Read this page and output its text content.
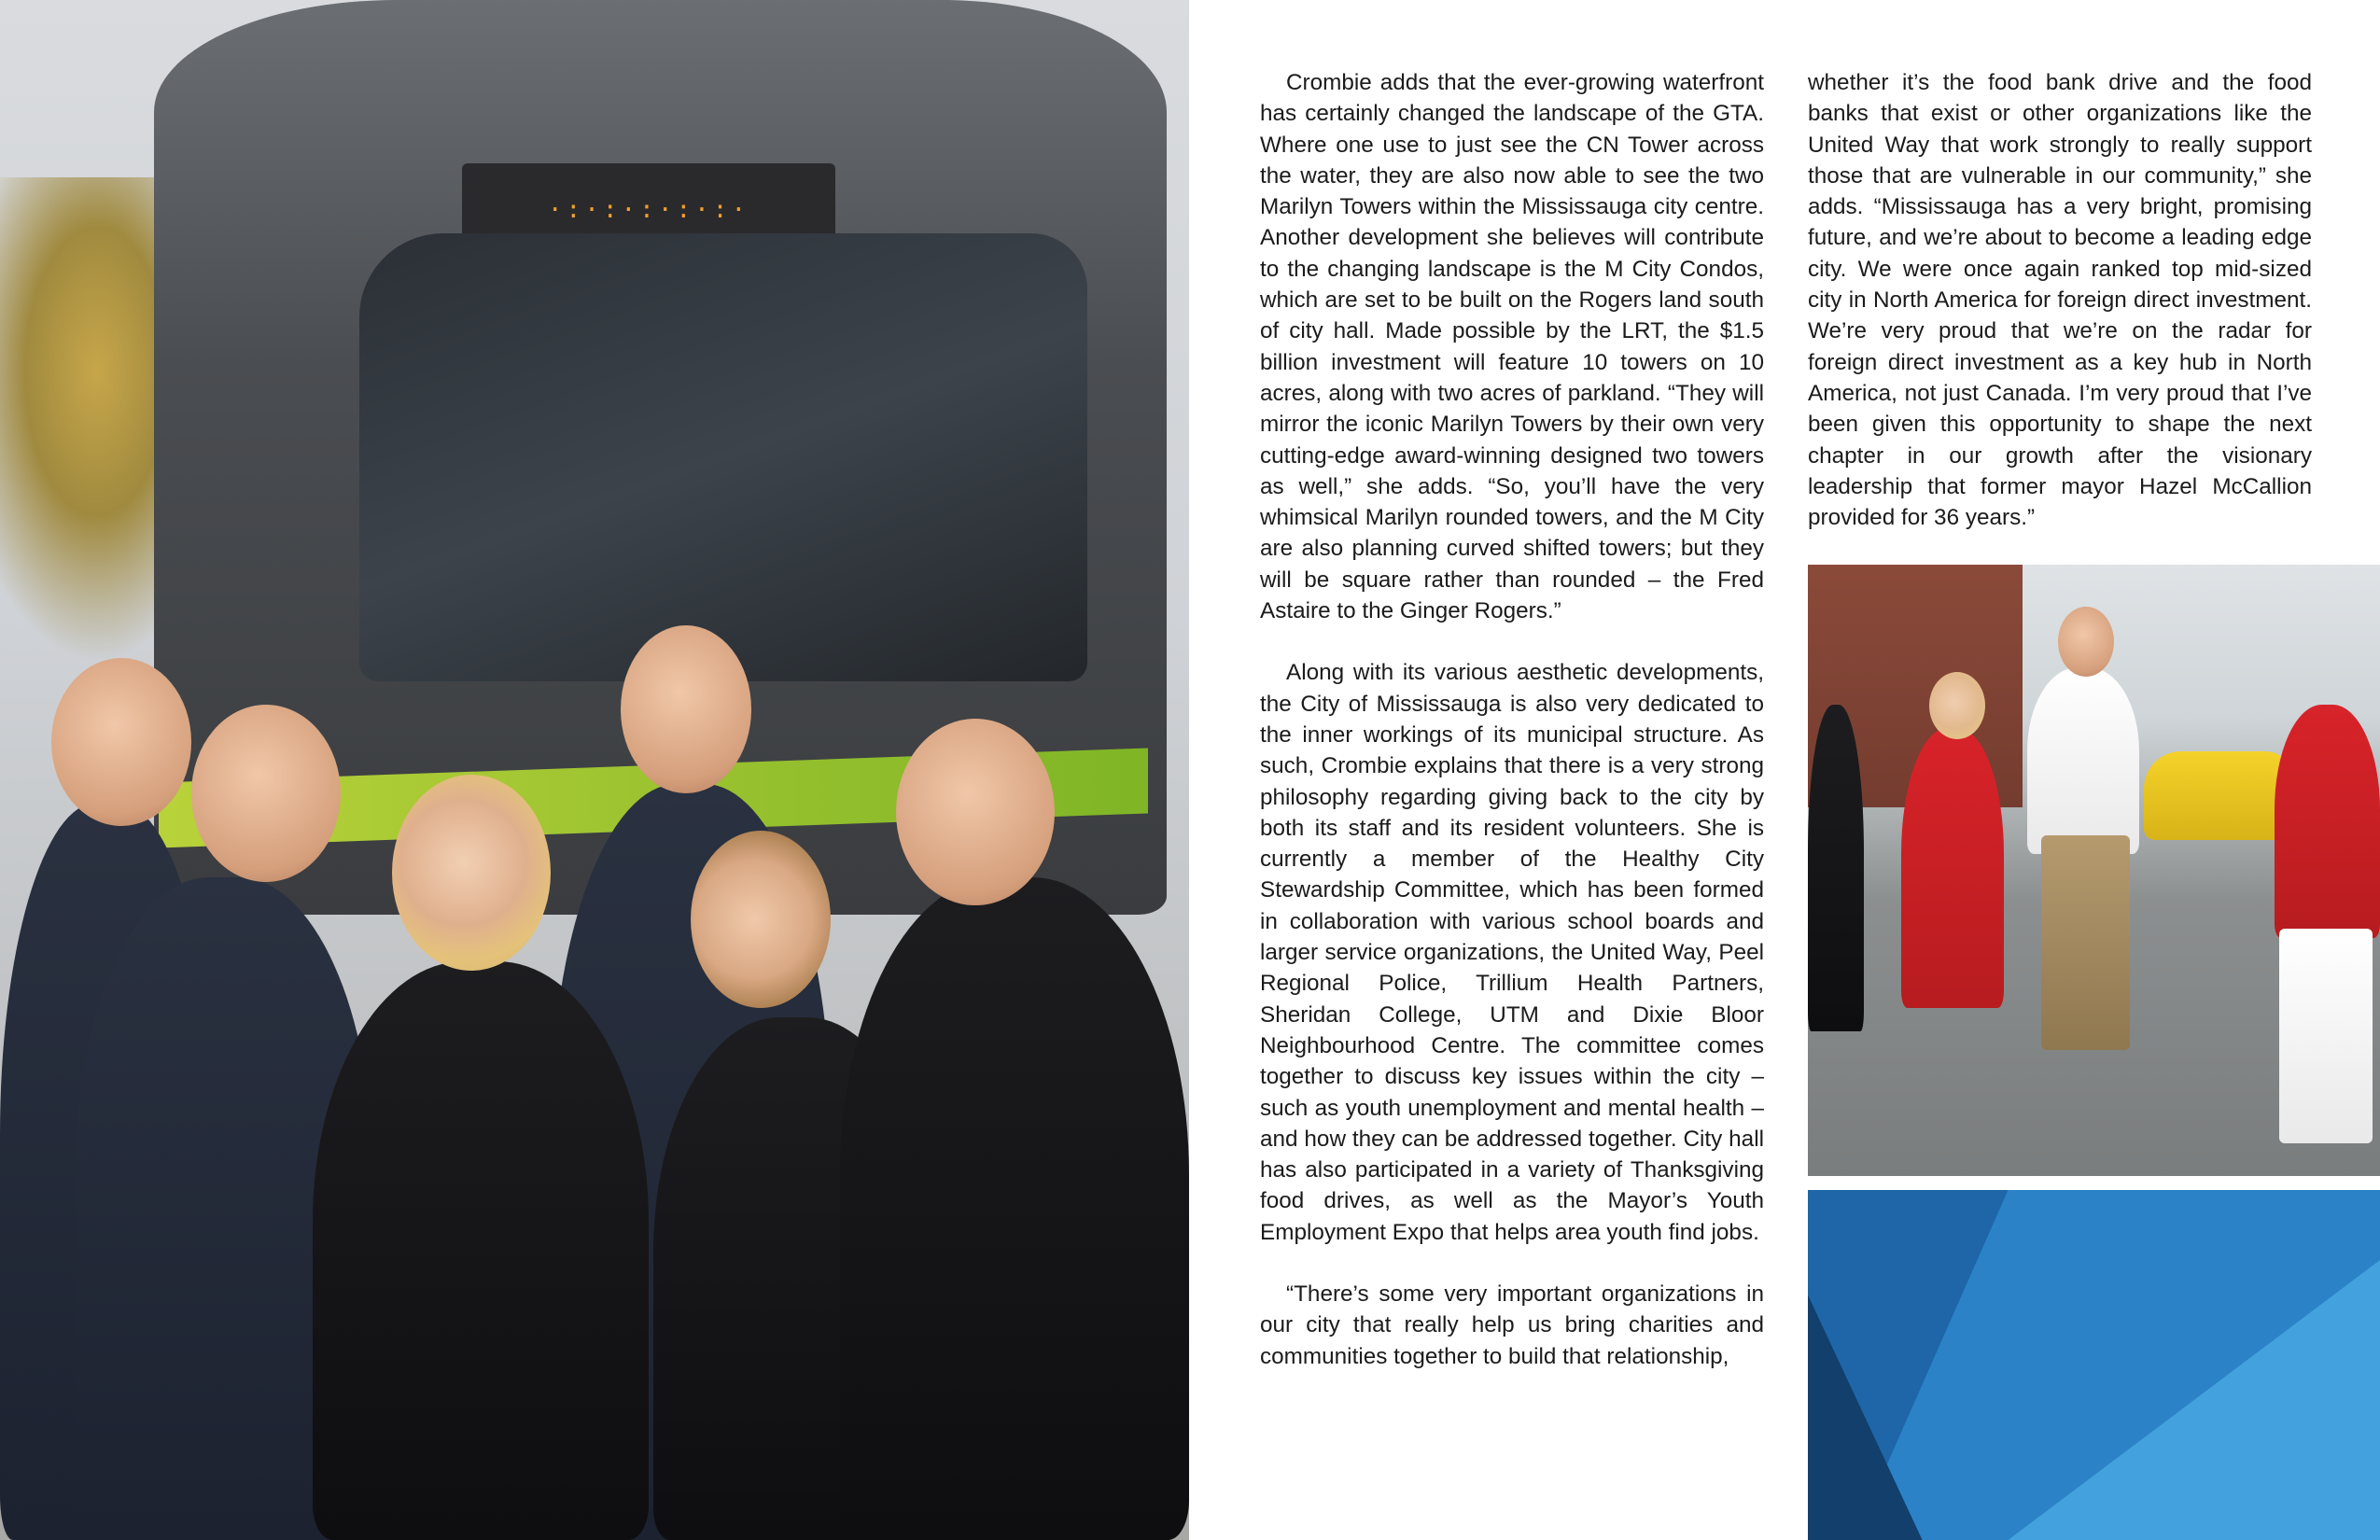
·:·:·:·:·:·

Crombie adds that the ever-growing waterfront has certainly changed the landscape of the GTA. Where one use to just see the CN Tower across the water, they are also now able to see the two Marilyn Towers within the Mississauga city centre. Another development she believes will contribute to the changing landscape is the M City Condos, which are set to be built on the Rogers land south of city hall. Made possible by the LRT, the $1.5 billion investment will feature 10 towers on 10 acres, along with two acres of parkland. “They will mirror the iconic Marilyn Towers by their own very cutting-edge award-winning designed two towers as well,” she adds. “So, you’ll have the very whimsical Marilyn rounded towers, and the M City are also planning curved shifted towers; but they will be square rather than rounded – the Fred Astaire to the Ginger Rogers.”

Along with its various aesthetic developments, the City of Mississauga is also very dedicated to the inner workings of its municipal structure. As such, Crombie explains that there is a very strong philosophy regarding giving back to the city by both its staff and its resident volunteers. She is currently a member of the Healthy City Stewardship Committee, which has been formed in collaboration with various school boards and larger service organizations, the United Way, Peel Regional Police, Trillium Health Partners, Sheridan College, UTM and Dixie Bloor Neighbourhood Centre. The committee comes together to discuss key issues within the city – such as youth unemployment and mental health – and how they can be addressed together. City hall has also participated in a variety of Thanksgiving food drives, as well as the Mayor’s Youth Employment Expo that helps area youth find jobs.

“There’s some very important organizations in our city that really help us bring charities and communities together to build that relationship,

whether it’s the food bank drive and the food banks that exist or other organizations like the United Way that work strongly to really support those that are vulnerable in our community,” she adds. “Mississauga has a very bright, promising future, and we’re about to become a leading edge city. We were once again ranked top mid-sized city in North America for foreign direct investment. We’re very proud that we’re on the radar for foreign direct investment as a key hub in North America, not just Canada. I’m very proud that I’ve been given this opportunity to shape the next chapter in our growth after the visionary leadership that former mayor Hazel McCallion provided for 36 years.”
